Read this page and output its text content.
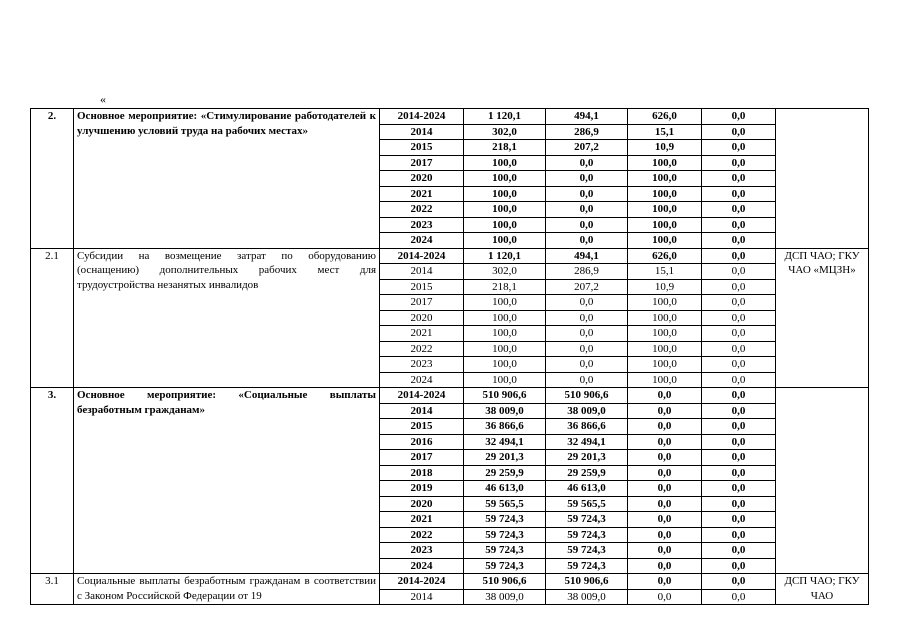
«
2.	Основное мероприятие: «Стимулирование работодателей к улучшению условий труда на рабочих местах»	2014-2024	1 120,1	494,1	626,0	0,0	
		2014	302,0	286,9	15,1	0,0	
		2015	218,1	207,2	10,9	0,0	
		2017	100,0	0,0	100,0	0,0	
		2020	100,0	0,0	100,0	0,0	
		2021	100,0	0,0	100,0	0,0	
		2022	100,0	0,0	100,0	0,0	
		2023	100,0	0,0	100,0	0,0	
		2024	100,0	0,0	100,0	0,0	
2.1	Субсидии на возмещение затрат по оборудованию (оснащению) дополнительных рабочих мест для трудоустройства незанятых инвалидов	2014-2024	1 120,1	494,1	626,0	0,0	ДСП ЧАО; ГКУ ЧАО «МЦЗН»
		2014	302,0	286,9	15,1	0,0	
		2015	218,1	207,2	10,9	0,0	
		2017	100,0	0,0	100,0	0,0	
		2020	100,0	0,0	100,0	0,0	
		2021	100,0	0,0	100,0	0,0	
		2022	100,0	0,0	100,0	0,0	
		2023	100,0	0,0	100,0	0,0	
		2024	100,0	0,0	100,0	0,0	
3.	Основное мероприятие: «Социальные выплаты безработным гражданам»	2014-2024	510 906,6	510 906,6	0,0	0,0	
		2014	38 009,0	38 009,0	0,0	0,0	
		2015	36 866,6	36 866,6	0,0	0,0	
		2016	32 494,1	32 494,1	0,0	0,0	
		2017	29 201,3	29 201,3	0,0	0,0	
		2018	29 259,9	29 259,9	0,0	0,0	
		2019	46 613,0	46 613,0	0,0	0,0	
		2020	59 565,5	59 565,5	0,0	0,0	
		2021	59 724,3	59 724,3	0,0	0,0	
		2022	59 724,3	59 724,3	0,0	0,0	
		2023	59 724,3	59 724,3	0,0	0,0	
		2024	59 724,3	59 724,3	0,0	0,0	
3.1	Социальные выплаты безработным гражданам в соответствии с Законом Российской Федерации от 19	2014-2024	510 906,6	510 906,6	0,0	0,0	ДСП ЧАО; ГКУ ЧАО
		2014	38 009,0	38 009,0	0,0	0,0	
